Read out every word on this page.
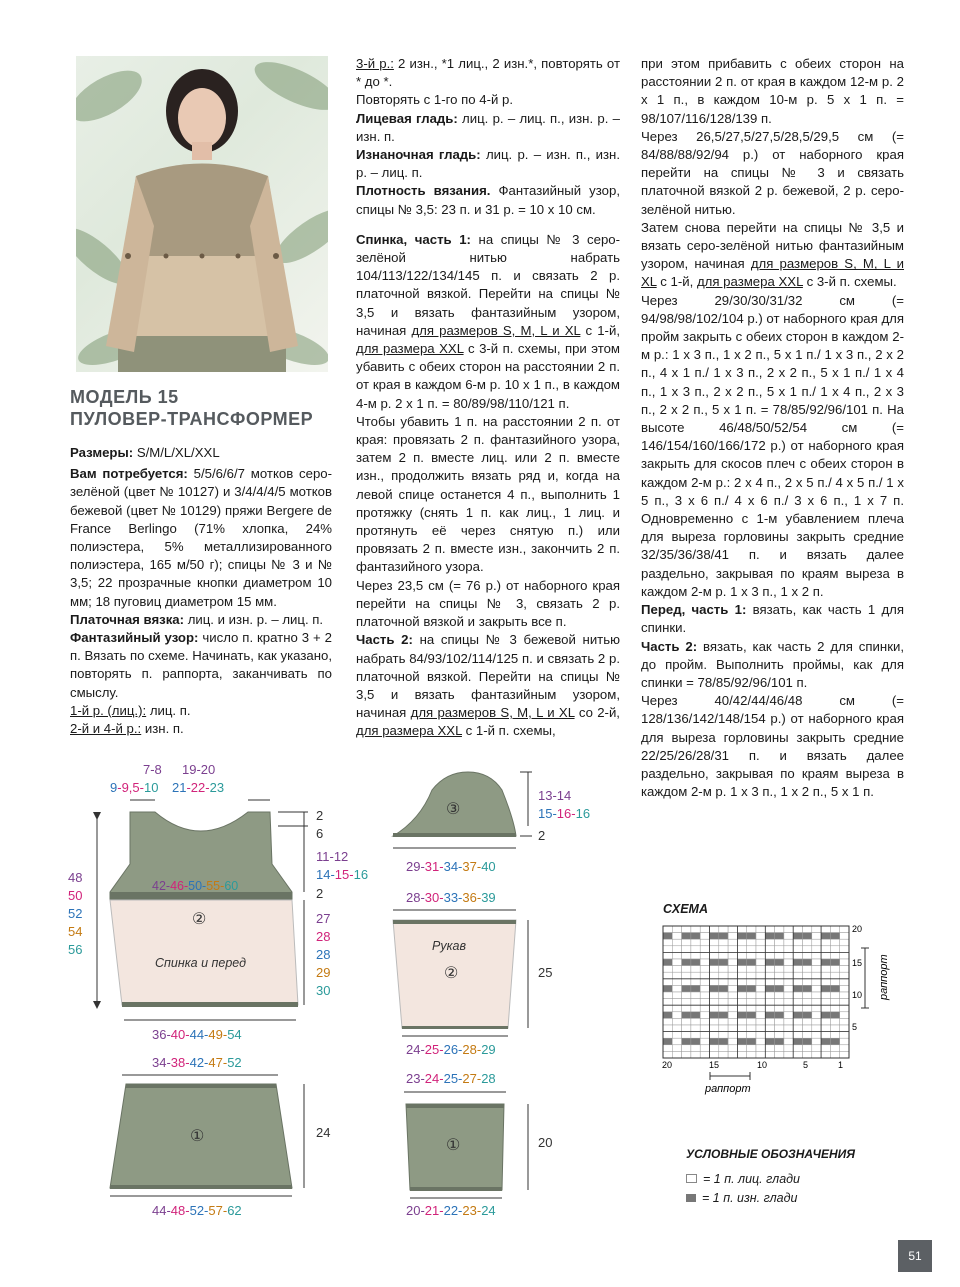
МОДЕЛЬ 15
ПУЛОВЕР-ТРАНСФОРМЕР

Размеры: S/M/L/XL/XXL

Вам потребуется: 5/5/6/6/7 мотков серо-зелёной (цвет № 10127) и 3/4/4/4/5 мотков бежевой (цвет № 10129) пряжи Bergere de France Berlingo (71% хлопка, 24% полиэстера, 5% металлизированного полиэстера, 165 м/50 г); спицы № 3 и № 3,5; 22 прозрачные кнопки диаметром 10 мм; 18 пуговиц диаметром 15 мм.

Платочная вязка: лиц. и изн. р. – лиц. п.

Фантазийный узор: число п. кратно 3 + 2 п. Вязать по схеме. Начинать, как указано, повторять п. раппорта, заканчивать по смыслу.

1-й р. (лиц.): лиц. п.

2-й и 4-й р.: изн. п.

3-й р.: 2 изн., *1 лиц., 2 изн.*, повторять от * до *.

Повторять с 1-го по 4-й р.

Лицевая гладь: лиц. р. – лиц. п., изн. р. – изн. п.

Изнаночная гладь: лиц. р. – изн. п., изн. р. – лиц. п.

Плотность вязания. Фантазийный узор, спицы № 3,5: 23 п. и 31 р. = 10 х 10 см.

Спинка, часть 1: на спицы № 3 серо-зелёной нитью набрать 104/113/122/134/145 п. и связать 2 р. платочной вязкой. Перейти на спицы № 3,5 и вязать фантазийным узором, начиная для размеров S, M, L и XL с 1-й, для размера XXL с 3-й п. схемы, при этом убавить с обеих сторон на расстоянии 2 п. от края в каждом 6-м р. 10 х 1 п., в каждом 4-м р. 2 х 1 п. = 80/89/98/110/121 п.

Чтобы убавить 1 п. на расстоянии 2 п. от края: провязать 2 п. фантазийного узора, затем 2 п. вместе лиц. или 2 п. вместе изн., продолжить вязать ряд и, когда на левой спице останется 4 п., выполнить 1 протяжку (снять 1 п. как лиц., 1 лиц. и протянуть её через снятую п.) или провязать 2 п. вместе изн., закончить 2 п. фантазийного узора.

Через 23,5 см (= 76 р.) от наборного края перейти на спицы № 3, связать 2 р. платочной вязкой и закрыть все п.

Часть 2: на спицы № 3 бежевой нитью набрать 84/93/102/114/125 п. и связать 2 р. платочной вязкой. Перейти на спицы № 3,5 и вязать фантазийным узором, начиная для размеров S, M, L и XL со 2-й, для размера XXL с 1-й п. схемы,

при этом прибавить с обеих сторон на расстоянии 2 п. от края в каждом 12-м р. 2 х 1 п., в каждом 10-м р. 5 х 1 п. = 98/107/116/128/139 п.

Через 26,5/27,5/27,5/28,5/29,5 см (= 84/88/88/92/94 р.) от наборного края перейти на спицы № 3 и связать платочной вязкой 2 р. бежевой, 2 р. серо-зелёной нитью.

Затем снова перейти на спицы № 3,5 и вязать серо-зелёной нитью фантазийным узором, начиная для размеров S, M, L и XL с 1-й, для размера XXL с 3-й п. схемы.

Через 29/30/30/31/32 см (= 94/98/98/102/104 р.) от наборного края для пройм закрыть с обеих сторон в каждом 2-м р.: 1 х 3 п., 1 х 2 п., 5 х 1 п./ 1 х 3 п., 2 х 2 п., 4 х 1 п./ 1 х 3 п., 2 х 2 п., 5 х 1 п./ 1 х 4 п., 1 х 3 п., 2 х 2 п., 5 х 1 п./ 1 х 4 п., 2 х 3 п., 2 х 2 п., 5 х 1 п. = 78/85/92/96/101 п. На высоте 46/48/50/52/54 см (= 146/154/160/166/172 р.) от наборного края закрыть для скосов плеч с обеих сторон в каждом 2-м р.: 2 х 4 п., 2 х 5 п./ 4 х 5 п./ 1 х 5 п., 3 х 6 п./ 4 х 6 п./ 3 х 6 п., 1 х 7 п. Одновременно с 1-м убавлением плеча для выреза горловины закрыть средние 32/35/36/38/41 п. и вязать далее раздельно, закрывая по краям выреза в каждом 2-м р. 1 х 3 п., 1 х 2 п.

Перед, часть 1: вязать, как часть 1 для спинки.

Часть 2: вязать, как часть 2 для спинки, до пройм. Выполнить проймы, как для спинки = 78/85/92/96/101 п.

Через 40/42/44/46/48 см (= 128/136/142/148/154 р.) от наборного края для выреза горловины закрыть средние 22/25/26/28/31 п. и вязать далее раздельно, закрывая по краям выреза в каждом 2-м р. 1 х 3 п., 1 х 2 п., 5 х 1 п.

7-8 19-20
9-9,5-10 21-22-23
48
50
52
54
56
2
6
11-12
14-15-16
2
27
28
28
29
30
42-46-50-55-60
②
Спинка и перед
36-40-44-49-54
34-38-42-47-52
①	24
44-48-52-57-62
③
13-14
15-16-16
2
29-31-34-37-40
28-30-33-36-39
Рукав
②	25
24-25-26-28-29
23-24-25-27-28
①	20
20-21-22-23-24
СХЕМА
20
15
10
5
20	15	10	5	1
раппорт
раппорт
УСЛОВНЫЕ ОБОЗНАЧЕНИЯ
= 1 п. лиц. глади
= 1 п. изн. глади
51
